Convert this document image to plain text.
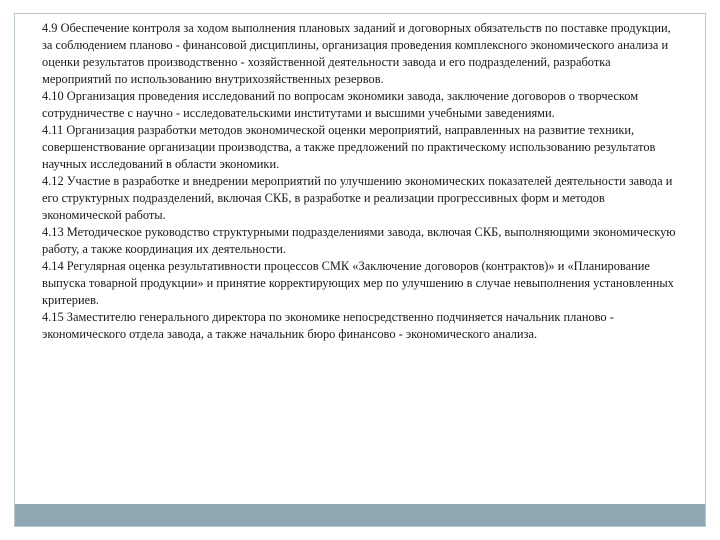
4.9 Обеспечение контроля за ходом выполнения плановых заданий и договорных обязательств по поставке продукции, за соблюдением планово - финансовой дисциплины, организация проведения комплексного экономического анализа и оценки результатов производственно - хозяйственной деятельности завода и его подразделений, разработка мероприятий по использованию внутрихозяйственных резервов.

4.10 Организация проведения исследований по вопросам экономики завода, заключение договоров о творческом сотрудничестве с научно - исследовательскими институтами и высшими учебными заведениями.

4.11 Организация разработки методов экономической оценки мероприятий, направленных на развитие техники, совершенствование организации производства, а также предложений по практическому использованию результатов научных исследований в области экономики.

4.12 Участие в разработке и внедрении мероприятий по улучшению экономических показателей деятельности завода и его структурных подразделений, включая СКБ, в разработке и реализации прогрессивных форм и методов экономической работы.

4.13 Методическое руководство структурными подразделениями завода, включая СКБ, выполняющими экономическую работу, а также координация их деятельности.

4.14 Регулярная оценка результативности процессов СМК «Заключение договоров (контрактов)» и «Планирование выпуска товарной продукции» и принятие корректирующих мер по улучшению в случае невыполнения установленных критериев.

4.15 Заместителю генерального директора по экономике непосредственно подчиняется начальник планово - экономического отдела завода, а также начальник бюро финансово - экономического анализа.
